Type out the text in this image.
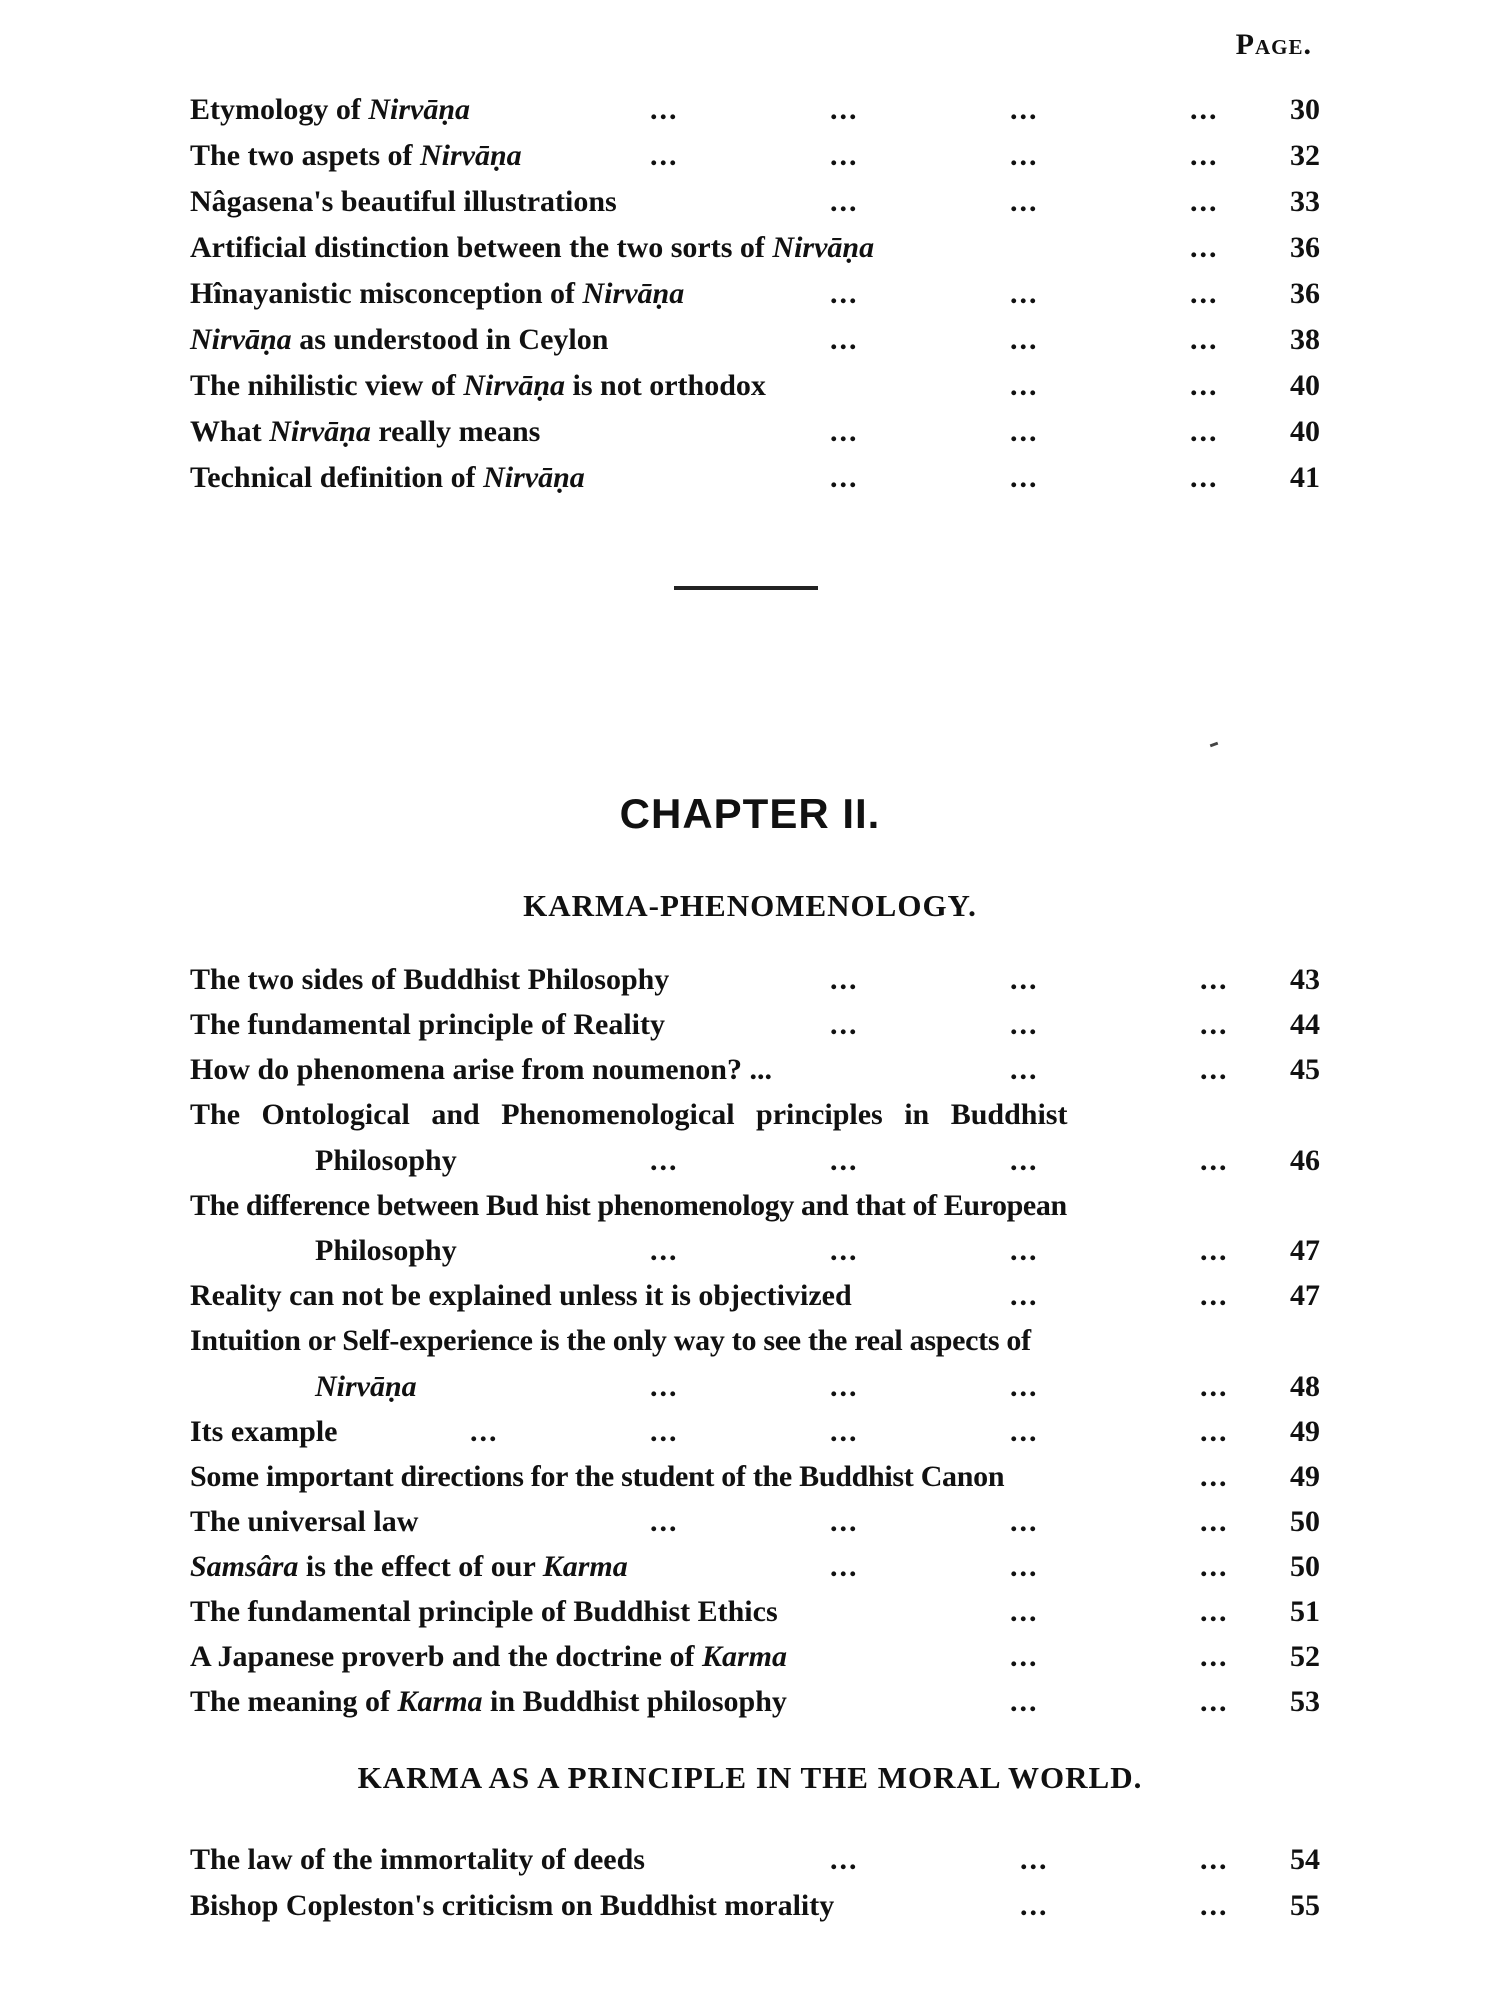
Page.
Etymology of Nirvāṇa	...	...	...	... 30
The two aspets of Nirvāṇa	...	...	...	... 32
Nâgasena's beautiful illustrations	...	...	... 33
Artificial distinction between the two sorts of Nirvāṇa	... 36
Hînayanistic misconception of Nirvāṇa	...	...	... 36
Nirvāṇa as understood in Ceylon	...	...	... 38
The nihilistic view of Nirvāṇa is not orthodox	...	... 40
What Nirvāṇa really means	...	...	... 40
Technical definition of Nirvāṇa	...	...	... 41
CHAPTER II.
KARMA-PHENOMENOLOGY.
The two sides of Buddhist Philosophy	...	...	... 43
The fundamental principle of Reality	...	...	... 44
How do phenomena arise from noumenon? ...	...	... 45
The Ontological and Phenomenological principles in Buddhist
Philosophy	...	...	...	... 46
The difference between Bud hist phenomenology and that of European
Philosophy	...	...	...	... 47
Reality can not be explained unless it is objectivized	...	... 47
Intuition or Self-experience is the only way to see the real aspects of
Nirvāṇa	...	...	...	... 48
Its example	...	...	...	...	... 49
Some important directions for the student of the Buddhist Canon	... 49
The universal law	...	...	...	... 50
Samsâra is the effect of our Karma	...	...	... 50
The fundamental principle of Buddhist Ethics	...	... 51
A Japanese proverb and the doctrine of Karma	...	... 52
The meaning of Karma in Buddhist philosophy	...	... 53
KARMA AS A PRINCIPLE IN THE MORAL WORLD.
The law of the immortality of deeds	...	...	... 54
Bishop Copleston's criticism on Buddhist morality	...	... 55
